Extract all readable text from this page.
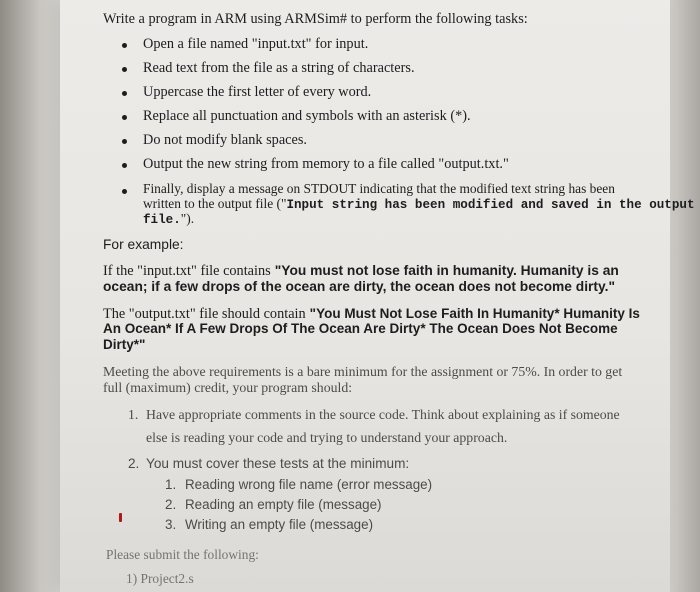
Write a program in ARM using ARMSim# to perform the following tasks:
Open a file named "input.txt" for input.
Read text from the file as a string of characters.
Uppercase the first letter of every word.
Replace all punctuation and symbols with an asterisk (*).
Do not modify blank spaces.
Output the new string from memory to a file called "output.txt."
Finally, display a message on STDOUT indicating that the modified text string has been
written to the output file ("Input string has been modified and saved in the output
file.").
For example:
If the "input.txt" file contains "You must not lose faith in humanity. Humanity is an
ocean; if a few drops of the ocean are dirty, the ocean does not become dirty."
The "output.txt" file should contain "You Must Not Lose Faith In Humanity* Humanity Is
An Ocean* If A Few Drops Of The Ocean Are Dirty* The Ocean Does Not Become
Dirty*"
Meeting the above requirements is a bare minimum for the assignment or 75%. In order to get
full (maximum) credit, your program should:
1. Have appropriate comments in the source code. Think about explaining as if someone
else is reading your code and trying to understand your approach.
2. You must cover these tests at the minimum:
1. Reading wrong file name (error message)
2. Reading an empty file (message)
3. Writing an empty file (message)
Please submit the following:
1) Project2.s
